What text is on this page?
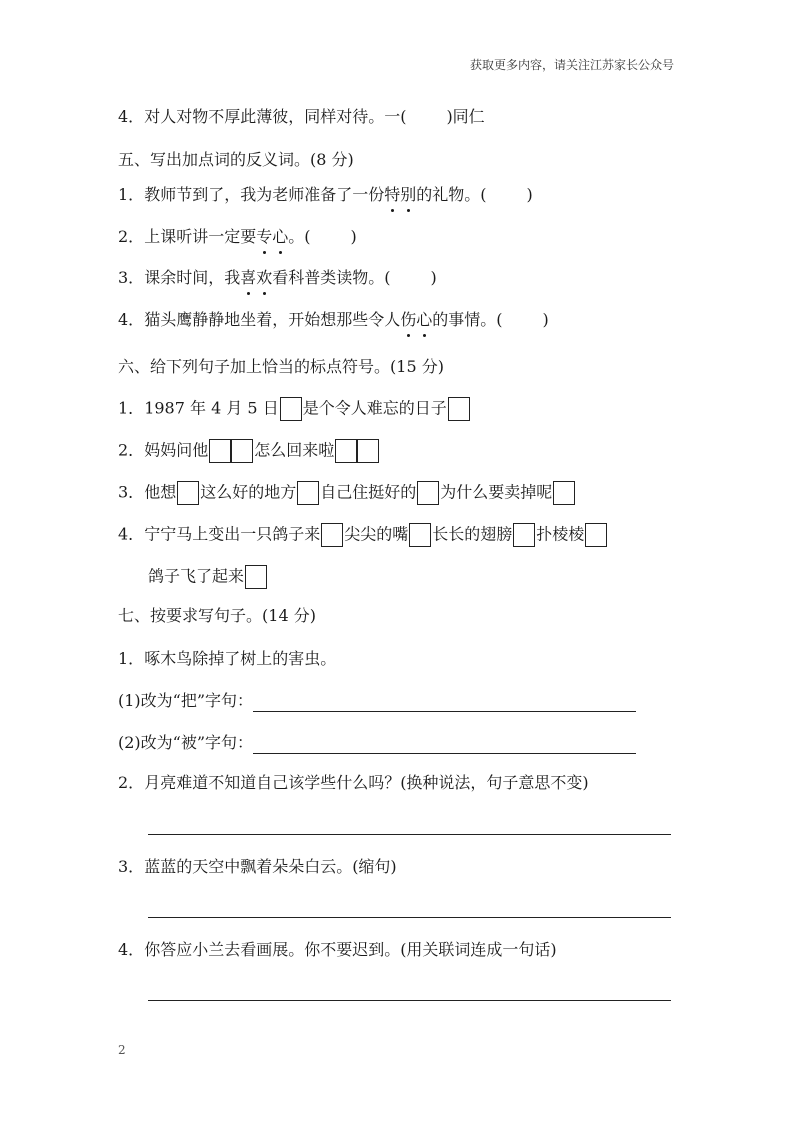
获取更多内容，请关注江苏家长公众号
4．对人对物不厚此薄彼，同样对待。一(	)同仁
五、写出加点词的反义词。(8 分)
1．教师节到了，我为老师准备了一份特别的礼物。(	)
2．上课听讲一定要专心。(	)
3．课余时间，我喜欢看科普类读物。(	)
4．猫头鹰静静地坐着，开始想那些令人伤心的事情。(	)
六、给下列句子加上恰当的标点符号。(15 分)
1．1987 年 4 月 5 日 是个令人难忘的日子
2．妈妈问他	怎么回来啦
3．他想 这么好的地方 自己住挺好的 为什么要卖掉呢
4．宁宁马上变出一只鸽子来 尖尖的嘴 长长的翅膀 扑棱棱
鸽子飞了起来
七、按要求写句子。(14 分)
1．啄木鸟除掉了树上的害虫。
(1)改为“把”字句：
(2)改为“被”字句：
2．月亮难道不知道自己该学些什么吗？(换种说法，句子意思不变)
3．蓝蓝的天空中飘着朵朵白云。(缩句)
4．你答应小兰去看画展。你不要迟到。(用关联词连成一句话)
2
